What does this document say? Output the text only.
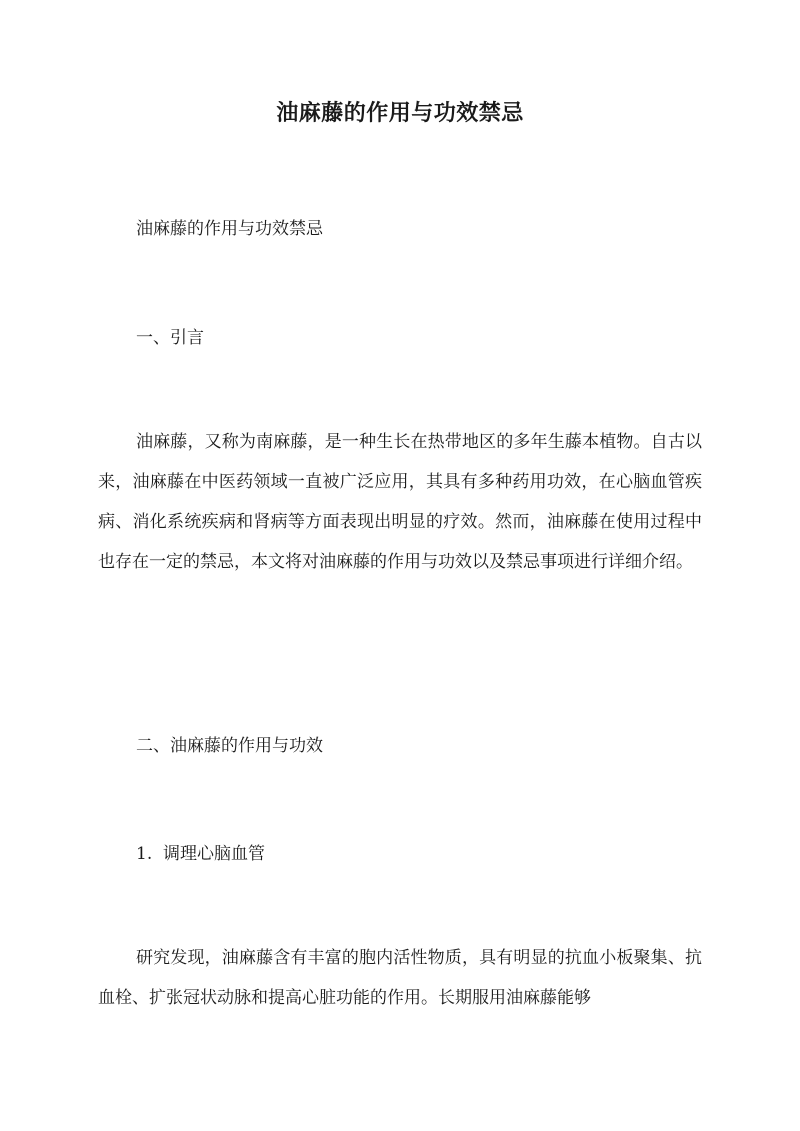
油麻藤的作用与功效禁忌
油麻藤的作用与功效禁忌
一、引言
油麻藤，又称为南麻藤，是一种生长在热带地区的多年生藤本植物。自古以来，油麻藤在中医药领域一直被广泛应用，其具有多种药用功效，在心脑血管疾病、消化系统疾病和肾病等方面表现出明显的疗效。然而，油麻藤在使用过程中也存在一定的禁忌，本文将对油麻藤的作用与功效以及禁忌事项进行详细介绍。
二、油麻藤的作用与功效
1. 调理心脑血管
研究发现，油麻藤含有丰富的胞内活性物质，具有明显的抗血小板聚集、抗血栓、扩张冠状动脉和提高心脏功能的作用。长期服用油麻藤能够
